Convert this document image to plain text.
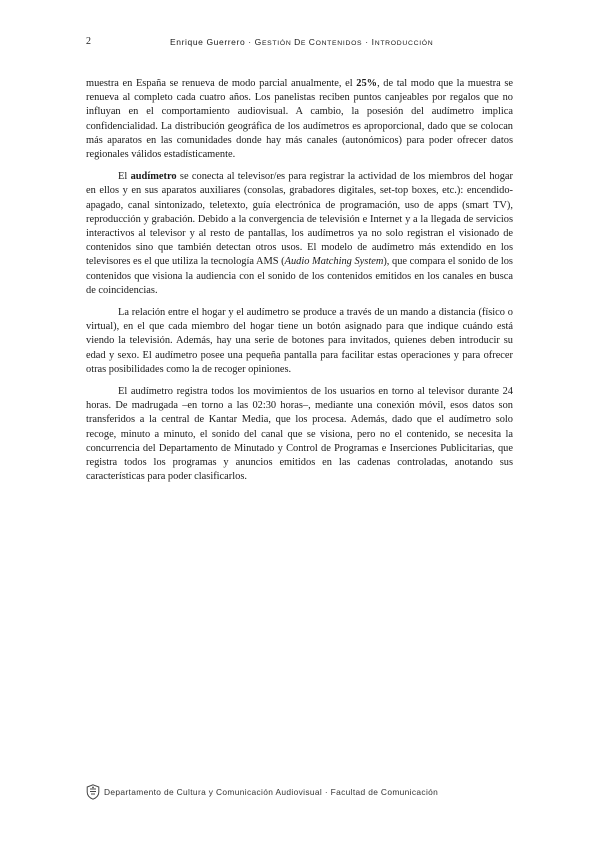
2	Enrique Guerrero · GESTIÓN DE CONTENIDOS · INTRODUCCIÓN

muestra en España se renueva de modo parcial anualmente, el 25%, de tal modo que la muestra se renueva al completo cada cuatro años. Los panelistas reciben puntos canjeables por regalos que no influyan en el comportamiento audiovisual. A cambio, la posesión del audímetro implica confidencialidad. La distribución geográfica de los audímetros es aproporcional, dado que se colocan más aparatos en las comunidades donde hay más canales (autonómicos) para poder ofrecer datos regionales válidos estadísticamente.

El audímetro se conecta al televisor/es para registrar la actividad de los miembros del hogar en ellos y en sus aparatos auxiliares (consolas, grabadores digitales, set-top boxes, etc.): encendido-apagado, canal sintonizado, teletexto, guía electrónica de programación, uso de apps (smart TV), reproducción y grabación. Debido a la convergencia de televisión e Internet y a la llegada de servicios interactivos al televisor y al resto de pantallas, los audímetros ya no solo registran el visionado de contenidos sino que también detectan otros usos. El modelo de audímetro más extendido en los televisores es el que utiliza la tecnología AMS (Audio Matching System), que compara el sonido de los contenidos que visiona la audiencia con el sonido de los contenidos emitidos en los canales en busca de coincidencias.

La relación entre el hogar y el audímetro se produce a través de un mando a distancia (físico o virtual), en el que cada miembro del hogar tiene un botón asignado para que indique cuándo está viendo la televisión. Además, hay una serie de botones para invitados, quienes deben introducir su edad y sexo. El audímetro posee una pequeña pantalla para facilitar estas operaciones y para ofrecer otras posibilidades como la de recoger opiniones.

El audímetro registra todos los movimientos de los usuarios en torno al televisor durante 24 horas. De madrugada –en torno a las 02:30 horas–, mediante una conexión móvil, esos datos son transferidos a la central de Kantar Media, que los procesa. Además, dado que el audímetro solo recoge, minuto a minuto, el sonido del canal que se visiona, pero no el contenido, se necesita la concurrencia del Departamento de Minutado y Control de Programas e Inserciones Publicitarias, que registra todos los programas y anuncios emitidos en las cadenas controladas, anotando sus características para poder clasificarlos.

Departamento de Cultura y Comunicación Audiovisual · Facultad de Comunicación
